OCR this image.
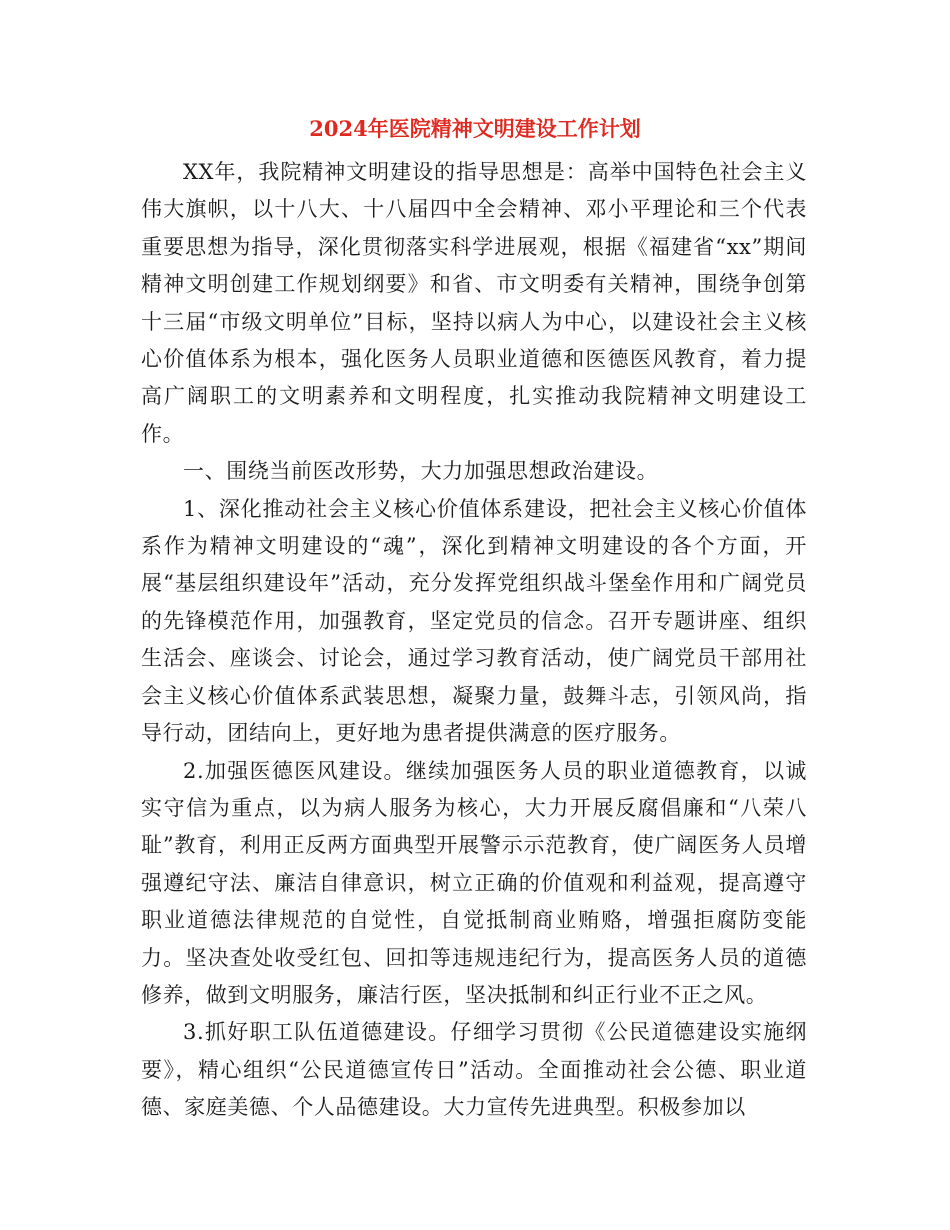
2024年医院精神文明建设工作计划

XX年，我院精神文明建设的指导思想是：高举中国特色社会主义伟大旗帜，以十八大、十八届四中全会精神、邓小平理论和三个代表重要思想为指导，深化贯彻落实科学进展观，根据《福建省“xx”期间精神文明创建工作规划纲要》和省、市文明委有关精神，围绕争创第十三届“市级文明单位”目标，坚持以病人为中心，以建设社会主义核心价值体系为根本，强化医务人员职业道德和医德医风教育，着力提高广阔职工的文明素养和文明程度，扎实推动我院精神文明建设工作。

一、围绕当前医改形势，大力加强思想政治建设。

1、深化推动社会主义核心价值体系建设，把社会主义核心价值体系作为精神文明建设的“魂”，深化到精神文明建设的各个方面，开展“基层组织建设年”活动，充分发挥党组织战斗堡垒作用和广阔党员的先锋模范作用，加强教育，坚定党员的信念。召开专题讲座、组织生活会、座谈会、讨论会，通过学习教育活动，使广阔党员干部用社会主义核心价值体系武装思想，凝聚力量，鼓舞斗志，引领风尚，指导行动，团结向上，更好地为患者提供满意的医疗服务。

2.加强医德医风建设。继续加强医务人员的职业道德教育，以诚实守信为重点，以为病人服务为核心，大力开展反腐倡廉和“八荣八耻”教育，利用正反两方面典型开展警示示范教育，使广阔医务人员增强遵纪守法、廉洁自律意识，树立正确的价值观和利益观，提高遵守职业道德法律规范的自觉性，自觉抵制商业贿赂，增强拒腐防变能力。坚决查处收受红包、回扣等违规违纪行为，提高医务人员的道德修养，做到文明服务，廉洁行医，坚决抵制和纠正行业不正之风。

3.抓好职工队伍道德建设。仔细学习贯彻《公民道德建设实施纲要》，精心组织“公民道德宣传日”活动。全面推动社会公德、职业道德、家庭美德、个人品德建设。大力宣传先进典型。积极参加以
